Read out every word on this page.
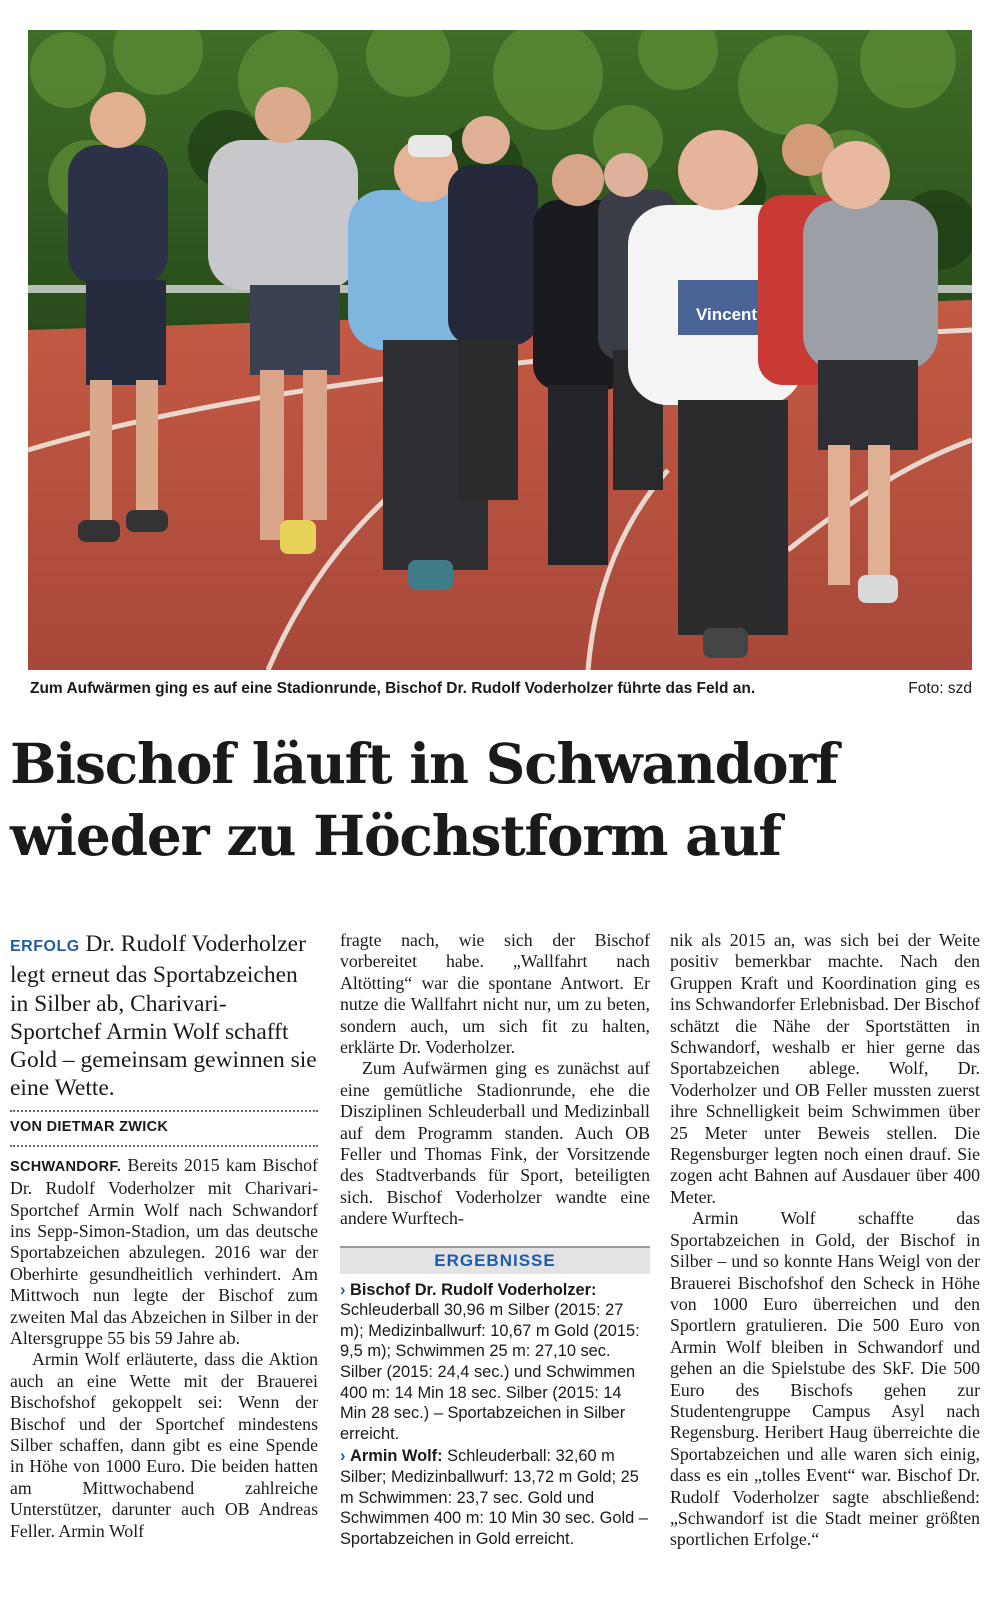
Vincent
Zum Aufwärmen ging es auf eine Stadionrunde, Bischof Dr. Rudolf Voderholzer führte das Feld an.	Foto: szd
Bischof läuft in Schwandorf
wieder zu Höchstform auf

ERFOLG Dr. Rudolf Voderholzer legt erneut das Sportabzeichen in Silber ab, Charivari-Sportchef Armin Wolf schafft Gold – gemeinsam gewinnen sie eine Wette.

VON DIETMAR ZWICK

SCHWANDORF. Bereits 2015 kam Bischof Dr. Rudolf Voderholzer mit Charivari-Sportchef Armin Wolf nach Schwandorf ins Sepp-Simon-Stadion, um das deutsche Sportabzeichen abzulegen. 2016 war der Oberhirte gesundheitlich verhindert. Am Mittwoch nun legte der Bischof zum zweiten Mal das Abzeichen in Silber in der Altersgruppe 55 bis 59 Jahre ab.

Armin Wolf erläuterte, dass die Aktion auch an eine Wette mit der Brauerei Bischofshof gekoppelt sei: Wenn der Bischof und der Sportchef mindestens Silber schaffen, dann gibt es eine Spende in Höhe von 1000 Euro. Die beiden hatten am Mittwochabend zahlreiche Unterstützer, darunter auch OB Andreas Feller. Armin Wolf

fragte nach, wie sich der Bischof vorbereitet habe. „Wallfahrt nach Altötting“ war die spontane Antwort. Er nutze die Wallfahrt nicht nur, um zu beten, sondern auch, um sich fit zu halten, erklärte Dr. Voderholzer.

Zum Aufwärmen ging es zunächst auf eine gemütliche Stadionrunde, ehe die Disziplinen Schleuderball und Medizinball auf dem Programm standen. Auch OB Feller und Thomas Fink, der Vorsitzende des Stadtverbands für Sport, beteiligten sich. Bischof Voderholzer wandte eine andere Wurftech-

ERGEBNISSE
› Bischof Dr. Rudolf Voderholzer: Schleuderball 30,96 m Silber (2015: 27 m); Medizinballwurf: 10,67 m Gold (2015: 9,5 m); Schwimmen 25 m: 27,10 sec. Silber (2015: 24,4 sec.) und Schwimmen 400 m: 14 Min 18 sec. Silber (2015: 14 Min 28 sec.) – Sportabzeichen in Silber erreicht.
› Armin Wolf: Schleuderball: 32,60 m Silber; Medizinballwurf: 13,72 m Gold; 25 m Schwimmen: 23,7 sec. Gold und Schwimmen 400 m: 10 Min 30 sec. Gold – Sportabzeichen in Gold erreicht.

nik als 2015 an, was sich bei der Weite positiv bemerkbar machte. Nach den Gruppen Kraft und Koordination ging es ins Schwandorfer Erlebnisbad. Der Bischof schätzt die Nähe der Sportstätten in Schwandorf, weshalb er hier gerne das Sportabzeichen ablege. Wolf, Dr. Voderholzer und OB Feller mussten zuerst ihre Schnelligkeit beim Schwimmen über 25 Meter unter Beweis stellen. Die Regensburger legten noch einen drauf. Sie zogen acht Bahnen auf Ausdauer über 400 Meter.

Armin Wolf schaffte das Sportabzeichen in Gold, der Bischof in Silber – und so konnte Hans Weigl von der Brauerei Bischofshof den Scheck in Höhe von 1000 Euro überreichen und den Sportlern gratulieren. Die 500 Euro von Armin Wolf bleiben in Schwandorf und gehen an die Spielstube des SkF. Die 500 Euro des Bischofs gehen zur Studentengruppe Campus Asyl nach Regensburg. Heribert Haug überreichte die Sportabzeichen und alle waren sich einig, dass es ein „tolles Event“ war. Bischof Dr. Rudolf Voderholzer sagte abschließend: „Schwandorf ist die Stadt meiner größten sportlichen Erfolge.“
